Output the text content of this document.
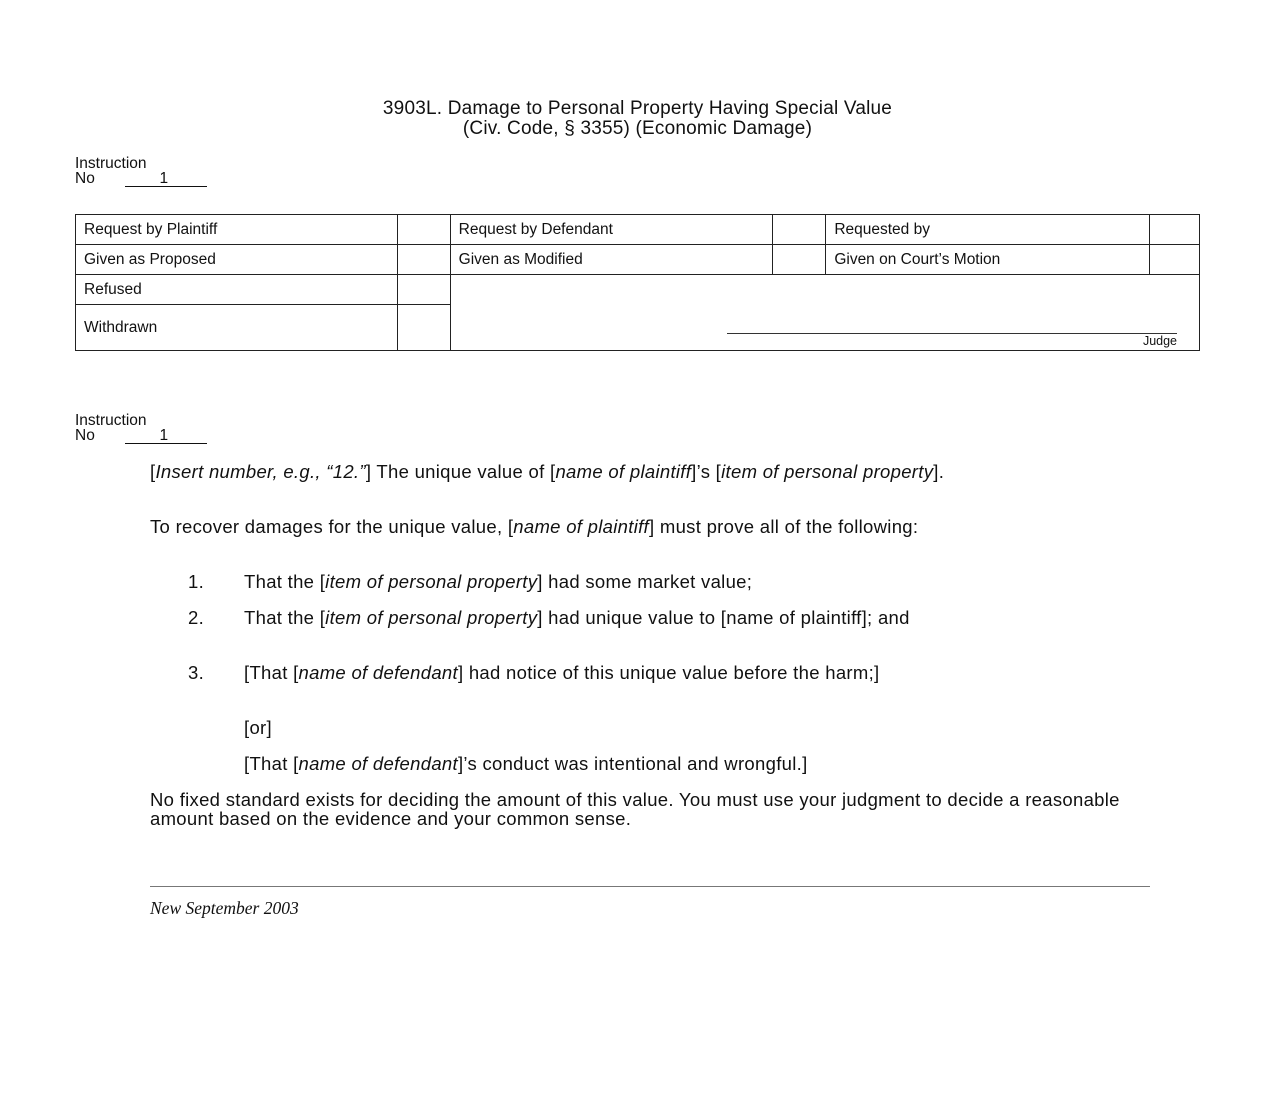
3903L. Damage to Personal Property Having Special Value
(Civ. Code, § 3355) (Economic Damage)
Instruction
No	1
Request by Plaintiff		Request by Defendant		Requested by	
Given as Proposed		Given as Modified		Given on Court’s Motion	
Refused		Judge			

Withdrawn					
Instruction
No	1

[Insert number, e.g., “12.”] The unique value of [name of plaintiff]’s [item of personal property].

To recover damages for the unique value, [name of plaintiff] must prove all of the following:

1. That the [item of personal property] had some market value;
2. That the [item of personal property] had unique value to [name of plaintiff]; and
3. [That [name of defendant] had notice of this unique value before the harm;]
[or]
[That [name of defendant]’s conduct was intentional and wrongful.]

No fixed standard exists for deciding the amount of this value. You must use your judgment to decide a reasonable amount based on the evidence and your common sense.

New September 2003
